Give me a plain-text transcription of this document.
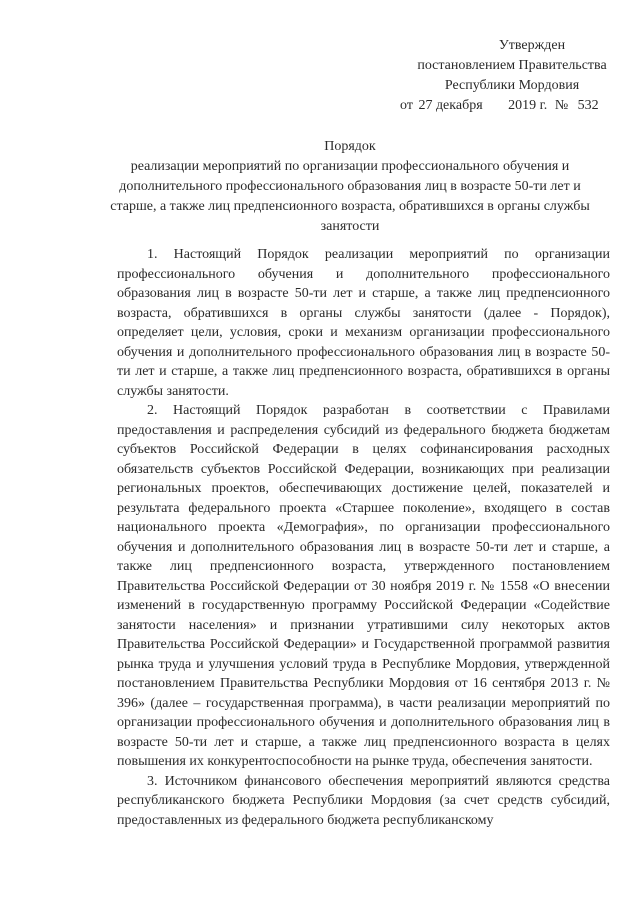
Утвержден
постановлением Правительства
Республики Мордовия
от 27 декабря 2019 г. № 532
Порядок
реализации мероприятий по организации профессионального обучения и дополнительного профессионального образования лиц в возрасте 50-ти лет и старше, а также лиц предпенсионного возраста, обратившихся в органы службы занятости

1. Настоящий Порядок реализации мероприятий по организации профессионального обучения и дополнительного профессионального образования лиц в возрасте 50-ти лет и старше, а также лиц предпенсионного возраста, обратившихся в органы службы занятости (далее - Порядок), определяет цели, условия, сроки и механизм организации профессионального обучения и дополнительного профессионального образования лиц в возрасте 50-ти лет и старше, а также лиц предпенсионного возраста, обратившихся в органы службы занятости.

2. Настоящий Порядок разработан в соответствии с Правилами предоставления и распределения субсидий из федерального бюджета бюджетам субъектов Российской Федерации в целях софинансирования расходных обязательств субъектов Российской Федерации, возникающих при реализации региональных проектов, обеспечивающих достижение целей, показателей и результата федерального проекта «Старшее поколение», входящего в состав национального проекта «Демография», по организации профессионального обучения и дополнительного образования лиц в возрасте 50-ти лет и старше, а также лиц предпенсионного возраста, утвержденного постановлением Правительства Российской Федерации от 30 ноября 2019 г. № 1558 «О внесении изменений в государственную программу Российской Федерации «Содействие занятости населения» и признании утратившими силу некоторых актов Правительства Российской Федерации» и Государственной программой развития рынка труда и улучшения условий труда в Республике Мордовия, утвержденной постановлением Правительства Республики Мордовия от 16 сентября 2013 г. № 396» (далее – государственная программа), в части реализации мероприятий по организации профессионального обучения и дополнительного образования лиц в возрасте 50-ти лет и старше, а также лиц предпенсионного возраста в целях повышения их конкурентоспособности на рынке труда, обеспечения занятости.

3. Источником финансового обеспечения мероприятий являются средства республиканского бюджета Республики Мордовия (за счет средств субсидий, предоставленных из федерального бюджета республиканскому
